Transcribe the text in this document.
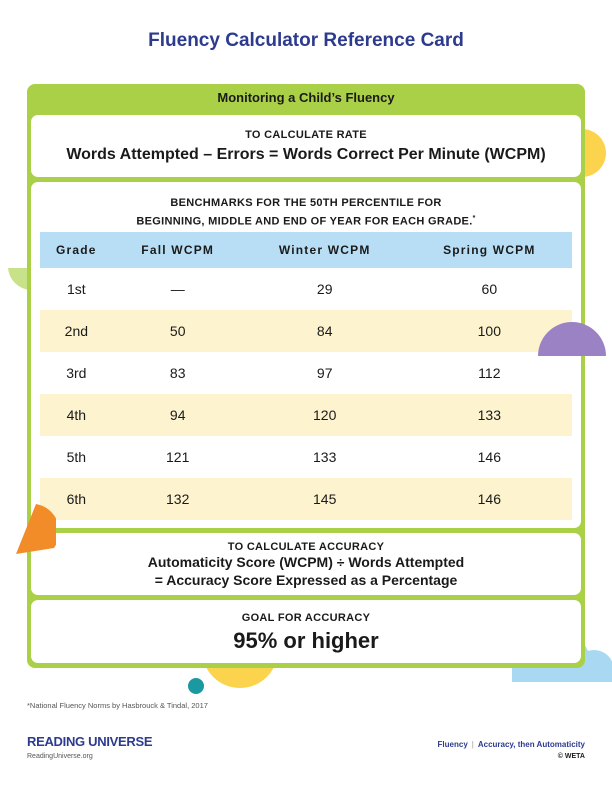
Fluency Calculator Reference Card
Monitoring a Child’s Fluency
TO CALCULATE RATE
Words Attempted – Errors = Words Correct Per Minute (WCPM)
BENCHMARKS FOR THE 50TH PERCENTILE FOR
BEGINNING, MIDDLE AND END OF YEAR FOR EACH GRADE.*
Grade	Fall WCPM	Winter WCPM	Spring WCPM
1st	—	29	60
2nd	50	84	100
3rd	83	97	112
4th	94	120	133
5th	121	133	146
6th	132	145	146
TO CALCULATE ACCURACY
Automaticity Score (WCPM) ÷ Words Attempted
= Accuracy Score Expressed as a Percentage
GOAL FOR ACCURACY
95% or higher
*National Fluency Norms by Hasbrouck & Tindal, 2017
READING UNIVERSE
ReadingUniverse.org
Fluency | Accuracy, then Automaticity
© WETA
